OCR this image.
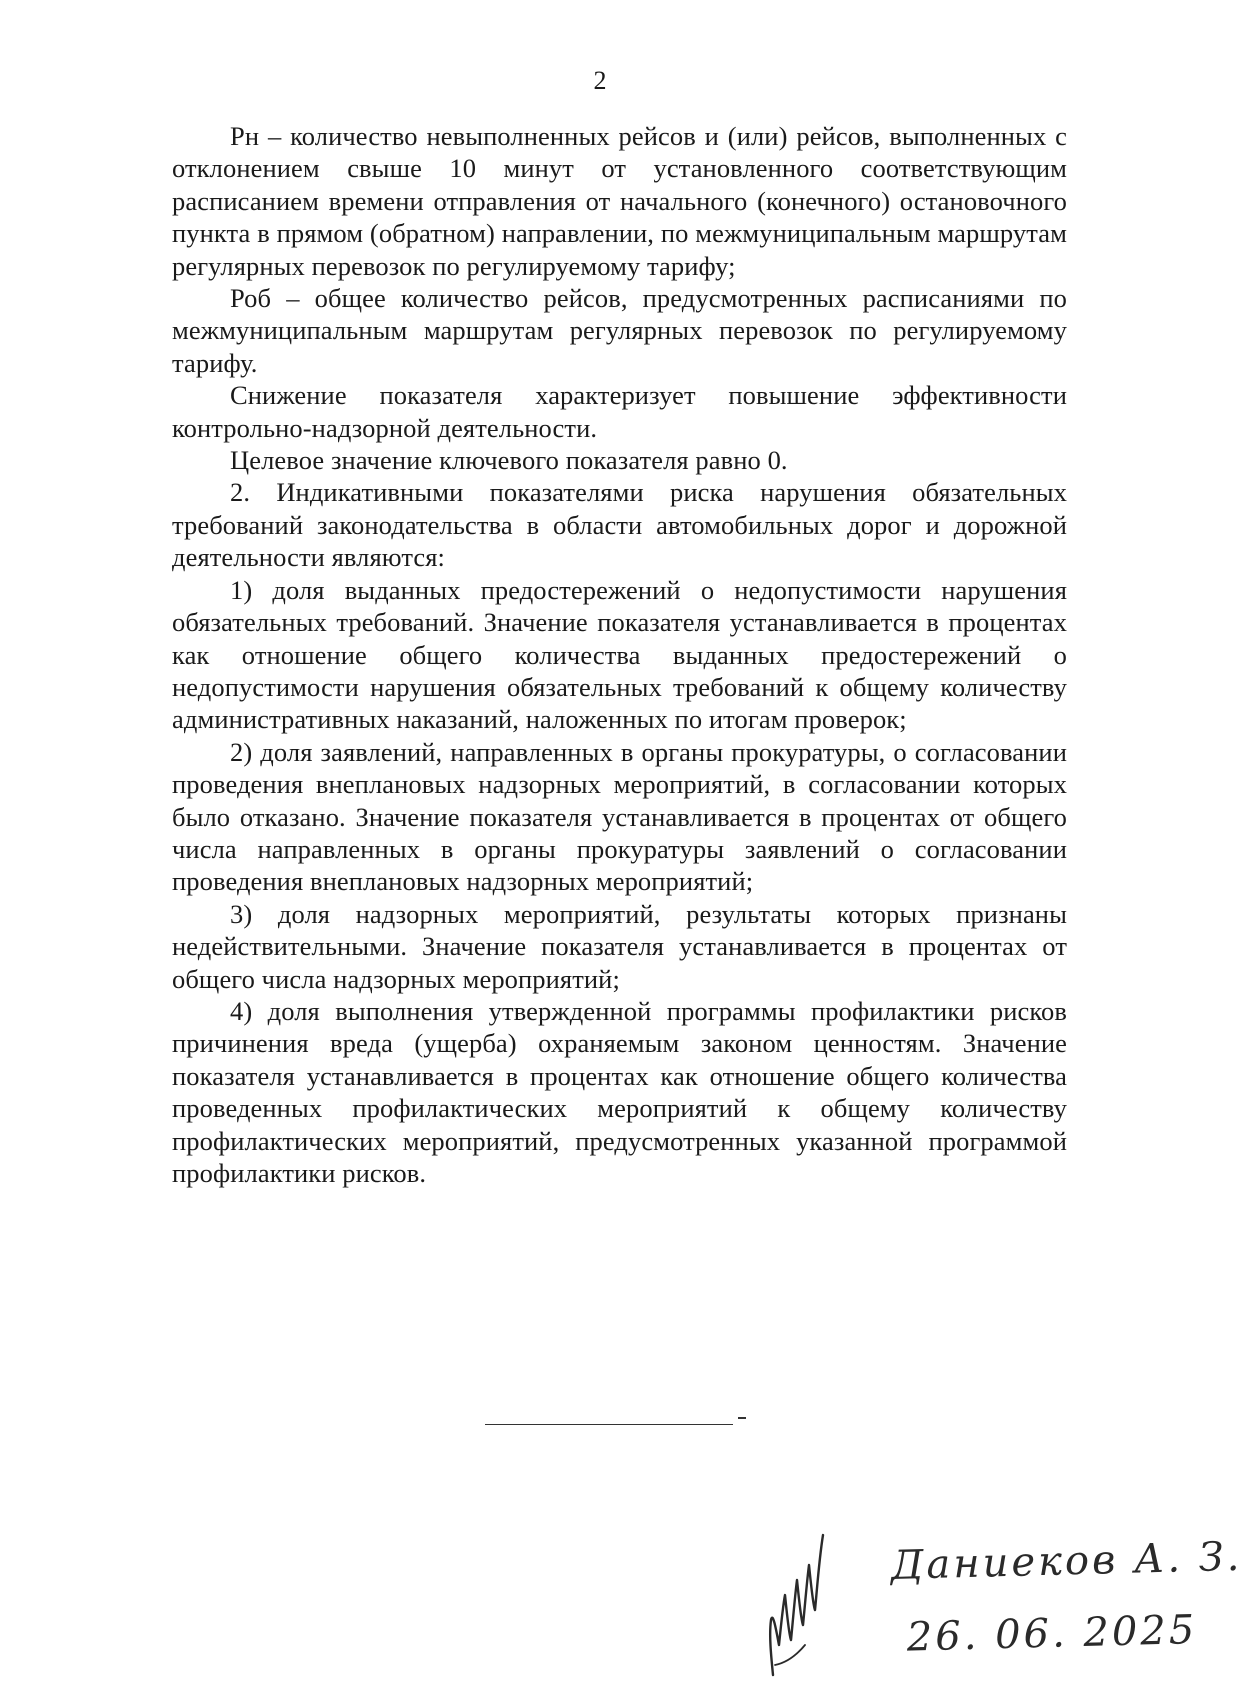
2

Рн – количество невыполненных рейсов и (или) рейсов, выполненных с отклонением свыше 10 минут от установленного соответствующим расписанием времени отправления от начального (конечного) остановочного пункта в прямом (обратном) направлении, по межмуниципальным маршрутам регулярных перевозок по регулируемому тарифу;

Роб – общее количество рейсов, предусмотренных расписаниями по межмуниципальным маршрутам регулярных перевозок по регулируемому тарифу.

Снижение показателя характеризует повышение эффективности контрольно-надзорной деятельности.

Целевое значение ключевого показателя равно 0.

2. Индикативными показателями риска нарушения обязательных требований законодательства в области автомобильных дорог и дорожной деятельности являются:

1) доля выданных предостережений о недопустимости нарушения обязательных требований. Значение показателя устанавливается в процентах как отношение общего количества выданных предостережений о недопустимости нарушения обязательных требований к общему количеству административных наказаний, наложенных по итогам проверок;

2) доля заявлений, направленных в органы прокуратуры, о согласовании проведения внеплановых надзорных мероприятий, в согласовании которых было отказано. Значение показателя устанавливается в процентах от общего числа направленных в органы прокуратуры заявлений о согласовании проведения внеплановых надзорных мероприятий;

3) доля надзорных мероприятий, результаты которых признаны недействительными. Значение показателя устанавливается в процентах от общего числа надзорных мероприятий;

4) доля выполнения утвержденной программы профилактики рисков причинения вреда (ущерба) охраняемым законом ценностям. Значение показателя устанавливается в процентах как отношение общего количества проведенных профилактических мероприятий к общему количеству профилактических мероприятий, предусмотренных указанной программой профилактики рисков.

Даниеков А. З.
26. 06. 2025
